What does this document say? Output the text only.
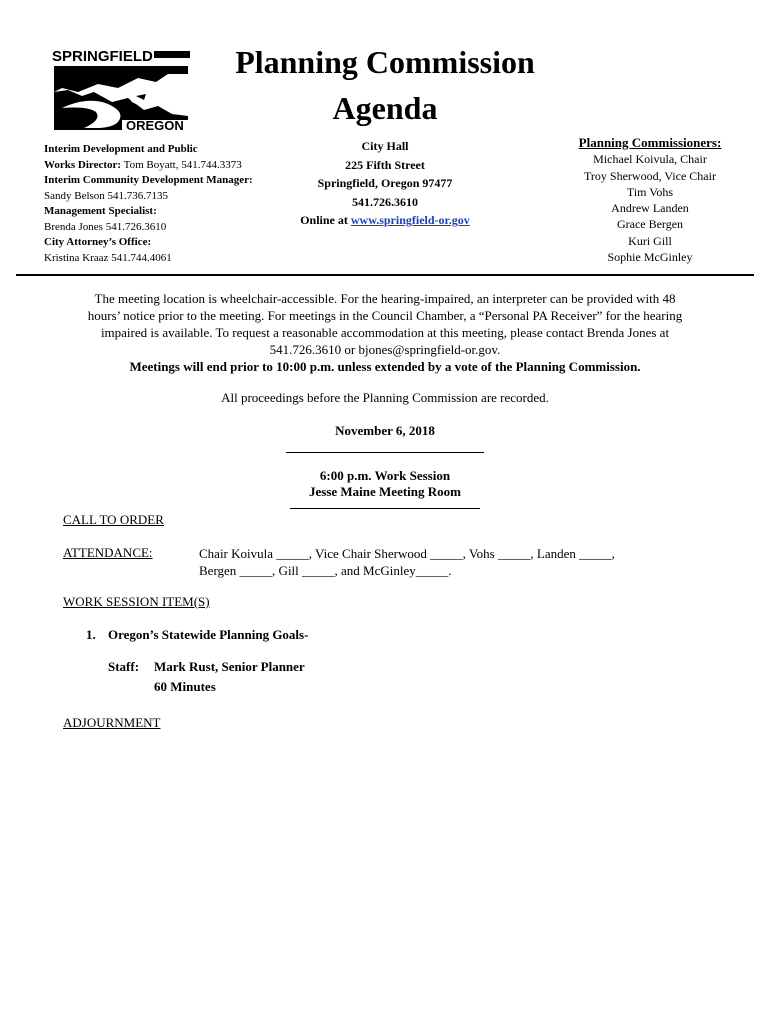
SPRINGFIELD
OREGON
Planning Commission
Agenda
Interim Development and Public
Works Director: Tom Boyatt, 541.744.3373
Interim Community Development Manager:
Sandy Belson 541.736.7135
Management Specialist:
Brenda Jones 541.726.3610
City Attorney’s Office:
Kristina Kraaz 541.744.4061
City Hall
225 Fifth Street
Springfield, Oregon 97477
541.726.3610
Online at www.springfield-or.gov
Planning Commissioners:
Michael Koivula, Chair
Troy Sherwood, Vice Chair
Tim Vohs
Andrew Landen
Grace Bergen
Kuri Gill
Sophie McGinley
The meeting location is wheelchair-accessible. For the hearing-impaired, an interpreter can be provided with 48
hours’ notice prior to the meeting. For meetings in the Council Chamber, a “Personal PA Receiver” for the hearing
impaired is available. To request a reasonable accommodation at this meeting, please contact Brenda Jones at
541.726.3610 or bjones@springfield-or.gov.
Meetings will end prior to 10:00 p.m. unless extended by a vote of the Planning Commission.
All proceedings before the Planning Commission are recorded.
November 6, 2018
6:00 p.m. Work Session
Jesse Maine Meeting Room
CALL TO ORDER
ATTENDANCE:	Chair Koivula _____, Vice Chair Sherwood _____, Vohs _____, Landen _____,
Bergen _____, Gill _____, and McGinley_____.
WORK SESSION ITEM(S)
1. Oregon’s Statewide Planning Goals-
Staff: Mark Rust, Senior Planner
60 Minutes
ADJOURNMENT
